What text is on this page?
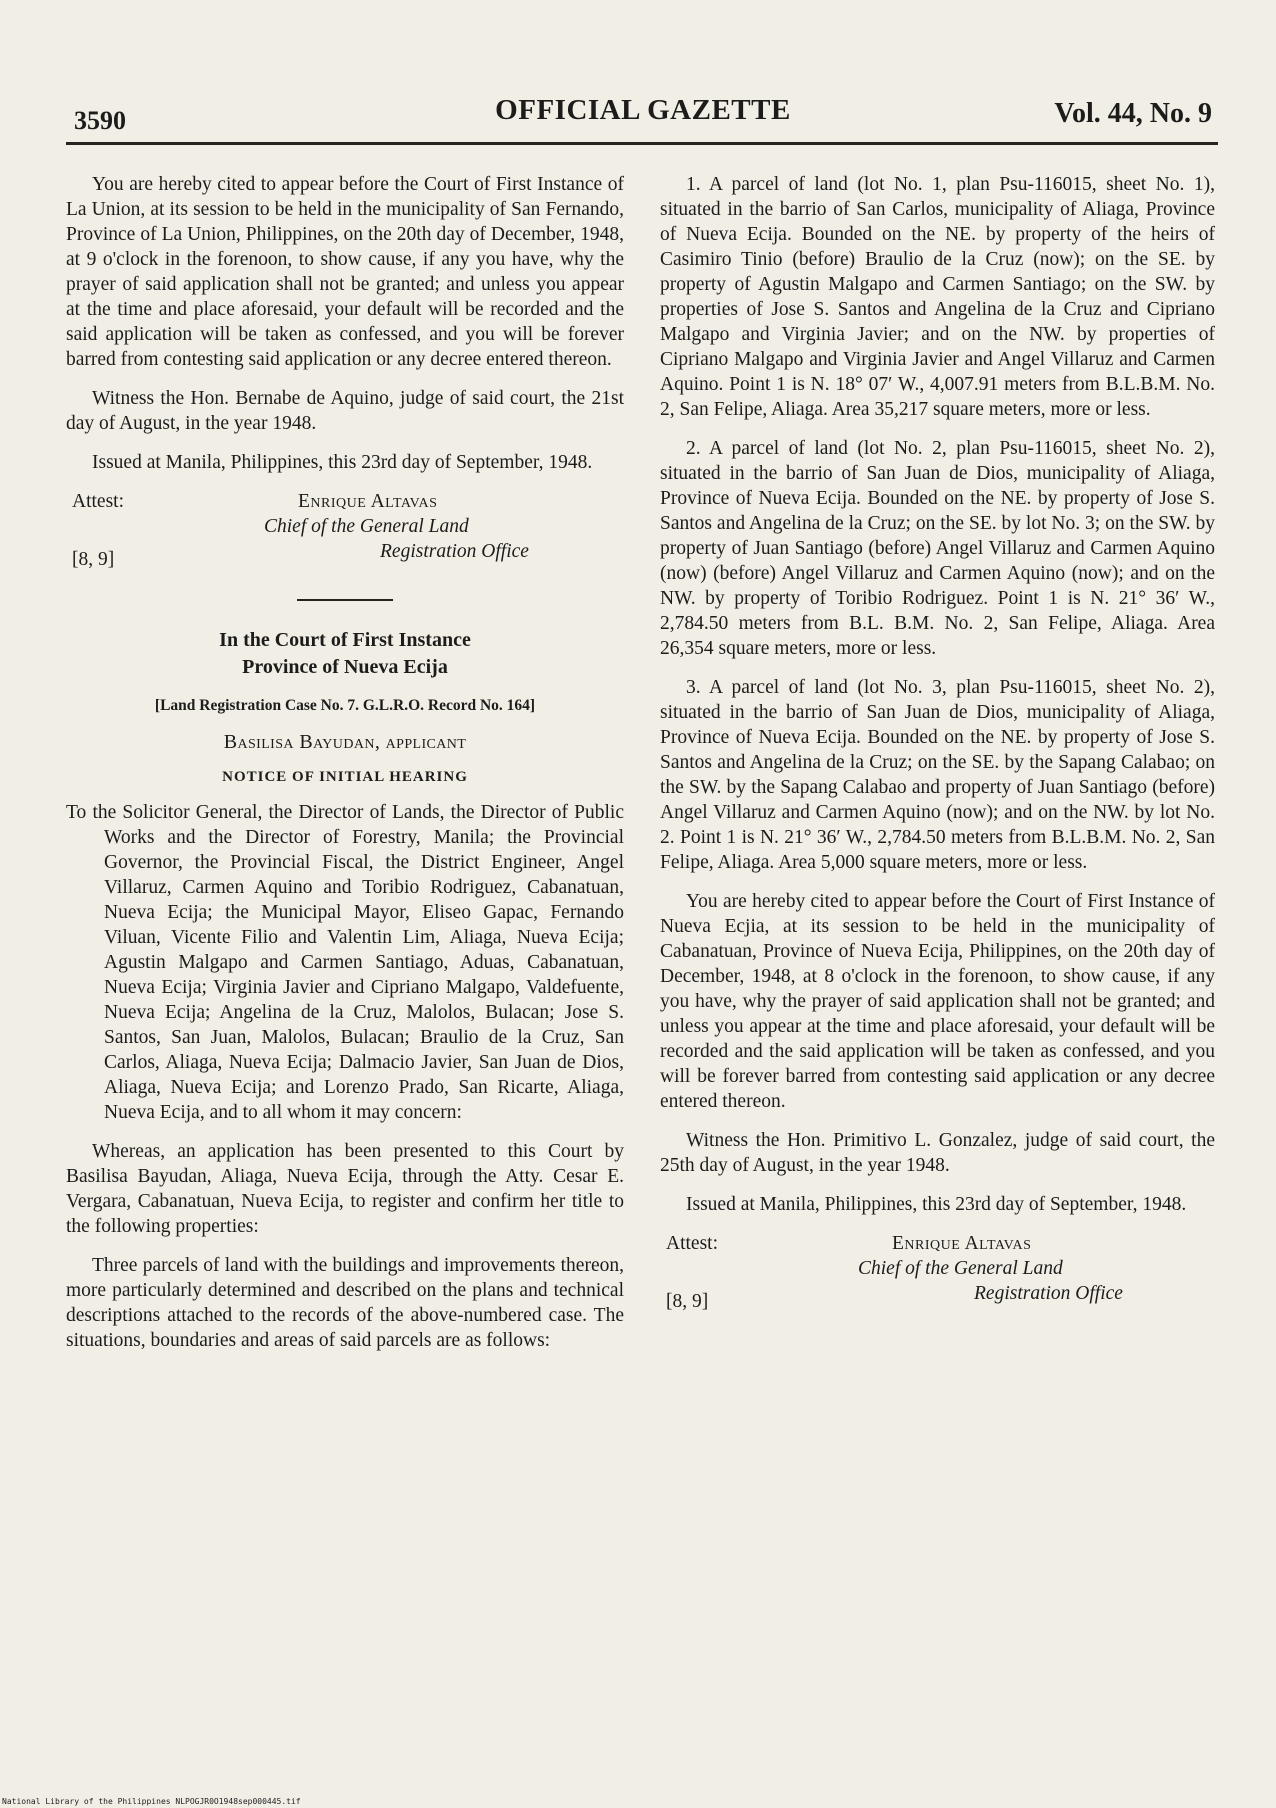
3590	OFFICIAL GAZETTE	Vol. 44, No. 9

You are hereby cited to appear before the Court of First Instance of La Union, at its session to be held in the municipality of San Fernando, Province of La Union, Philippines, on the 20th day of December, 1948, at 9 o'clock in the forenoon, to show cause, if any you have, why the prayer of said application shall not be granted; and unless you appear at the time and place aforesaid, your default will be recorded and the said application will be taken as confessed, and you will be forever barred from contesting said application or any decree entered thereon.

Witness the Hon. Bernabe de Aquino, judge of said court, the 21st day of August, in the year 1948.

Issued at Manila, Philippines, this 23rd day of September, 1948.

Attest:	Enrique Altavas
Chief of the General Land
Registration Office
[8, 9]
In the Court of First Instance
Province of Nueva Ecija
[Land Registration Case No. 7. G.L.R.O. Record No. 164]
Basilisa Bayudan, applicant
NOTICE OF INITIAL HEARING

To the Solicitor General, the Director of Lands, the Director of Public Works and the Director of Forestry, Manila; the Provincial Governor, the Provincial Fiscal, the District Engineer, Angel Villaruz, Carmen Aquino and Toribio Rodriguez, Cabanatuan, Nueva Ecija; the Municipal Mayor, Eliseo Gapac, Fernando Viluan, Vicente Filio and Valentin Lim, Aliaga, Nueva Ecija; Agustin Malgapo and Carmen Santiago, Aduas, Cabanatuan, Nueva Ecija; Virginia Javier and Cipriano Malgapo, Valdefuente, Nueva Ecija; Angelina de la Cruz, Malolos, Bulacan; Jose S. Santos, San Juan, Malolos, Bulacan; Braulio de la Cruz, San Carlos, Aliaga, Nueva Ecija; Dalmacio Javier, San Juan de Dios, Aliaga, Nueva Ecija; and Lorenzo Prado, San Ricarte, Aliaga, Nueva Ecija, and to all whom it may concern:

Whereas, an application has been presented to this Court by Basilisa Bayudan, Aliaga, Nueva Ecija, through the Atty. Cesar E. Vergara, Cabanatuan, Nueva Ecija, to register and confirm her title to the following properties:

Three parcels of land with the buildings and improvements thereon, more particularly determined and described on the plans and technical descriptions attached to the records of the above-numbered case. The situations, boundaries and areas of said parcels are as follows:

1. A parcel of land (lot No. 1, plan Psu-116015, sheet No. 1), situated in the barrio of San Carlos, municipality of Aliaga, Province of Nueva Ecija. Bounded on the NE. by property of the heirs of Casimiro Tinio (before) Braulio de la Cruz (now); on the SE. by property of Agustin Malgapo and Carmen Santiago; on the SW. by properties of Jose S. Santos and Angelina de la Cruz and Cipriano Malgapo and Virginia Javier; and on the NW. by properties of Cipriano Malgapo and Virginia Javier and Angel Villaruz and Carmen Aquino. Point 1 is N. 18° 07′ W., 4,007.91 meters from B.L.B.M. No. 2, San Felipe, Aliaga. Area 35,217 square meters, more or less.

2. A parcel of land (lot No. 2, plan Psu-116015, sheet No. 2), situated in the barrio of San Juan de Dios, municipality of Aliaga, Province of Nueva Ecija. Bounded on the NE. by property of Jose S. Santos and Angelina de la Cruz; on the SE. by lot No. 3; on the SW. by property of Juan Santiago (before) Angel Villaruz and Carmen Aquino (now) (before) Angel Villaruz and Carmen Aquino (now); and on the NW. by property of Toribio Rodriguez. Point 1 is N. 21° 36′ W., 2,784.50 meters from B.L. B.M. No. 2, San Felipe, Aliaga. Area 26,354 square meters, more or less.

3. A parcel of land (lot No. 3, plan Psu-116015, sheet No. 2), situated in the barrio of San Juan de Dios, municipality of Aliaga, Province of Nueva Ecija. Bounded on the NE. by property of Jose S. Santos and Angelina de la Cruz; on the SE. by the Sapang Calabao; on the SW. by the Sapang Calabao and property of Juan Santiago (before) Angel Villaruz and Carmen Aquino (now); and on the NW. by lot No. 2. Point 1 is N. 21° 36′ W., 2,784.50 meters from B.L.B.M. No. 2, San Felipe, Aliaga. Area 5,000 square meters, more or less.

You are hereby cited to appear before the Court of First Instance of Nueva Ecjia, at its session to be held in the municipality of Cabanatuan, Province of Nueva Ecija, Philippines, on the 20th day of December, 1948, at 8 o'clock in the forenoon, to show cause, if any you have, why the prayer of said application shall not be granted; and unless you appear at the time and place aforesaid, your default will be recorded and the said application will be taken as confessed, and you will be forever barred from contesting said application or any decree entered thereon.

Witness the Hon. Primitivo L. Gonzalez, judge of said court, the 25th day of August, in the year 1948.

Issued at Manila, Philippines, this 23rd day of September, 1948.

Attest:	Enrique Altavas
Chief of the General Land
Registration Office
[8, 9]
National Library of the Philippines NLPOGJR0O1948sep000445.tif
